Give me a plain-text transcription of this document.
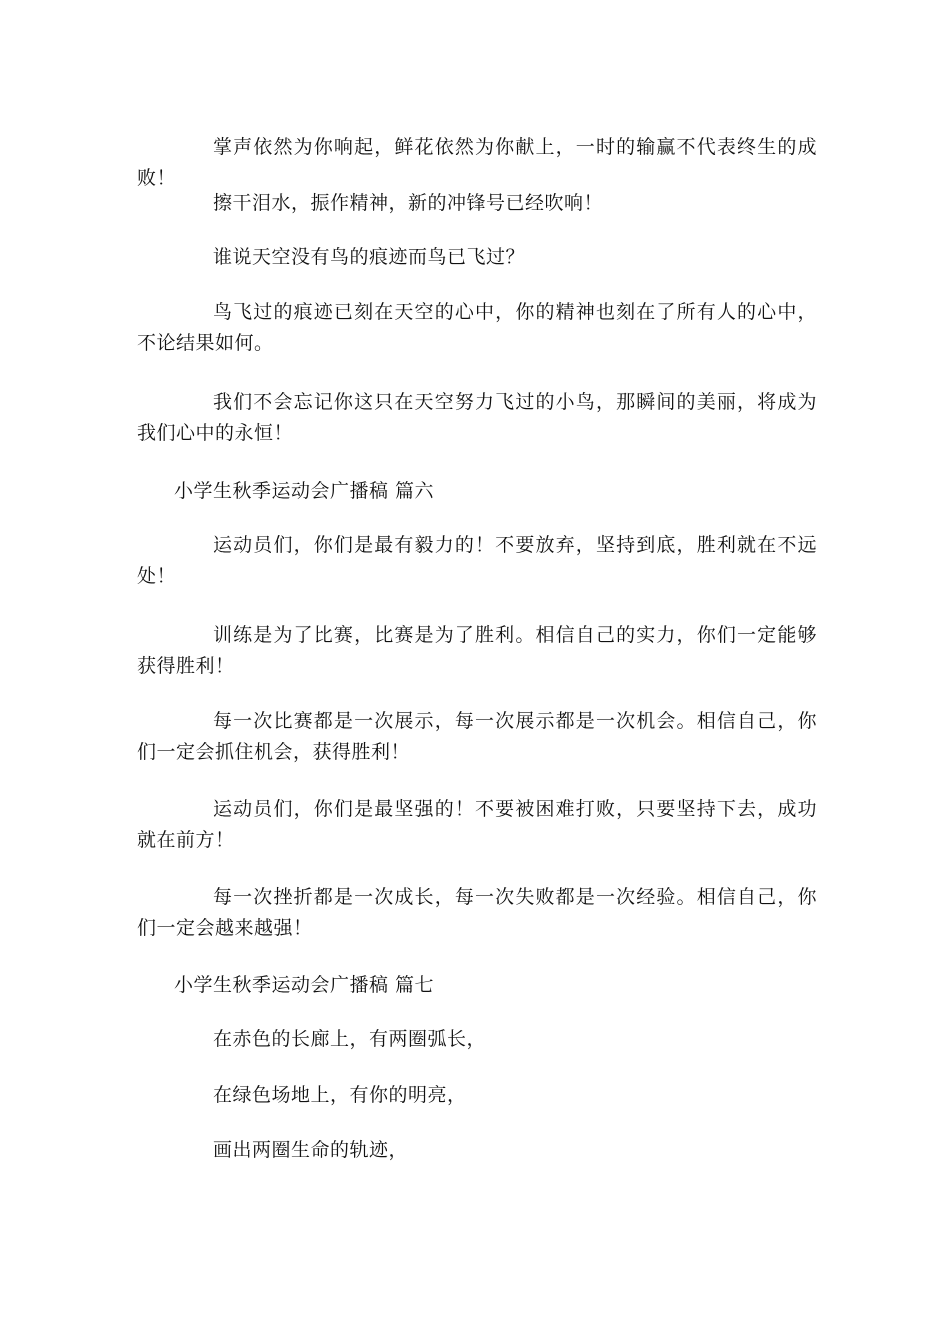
掌声依然为你响起，鲜花依然为你献上，一时的输赢不代表终生的成败！

擦干泪水，振作精神，新的冲锋号已经吹响！

谁说天空没有鸟的痕迹而鸟已飞过？

鸟飞过的痕迹已刻在天空的心中，你的精神也刻在了所有人的心中，不论结果如何。

我们不会忘记你这只在天空努力飞过的小鸟，那瞬间的美丽，将成为我们心中的永恒！

小学生秋季运动会广播稿 篇六

运动员们，你们是最有毅力的！不要放弃，坚持到底，胜利就在不远处！

训练是为了比赛，比赛是为了胜利。相信自己的实力，你们一定能够获得胜利！

每一次比赛都是一次展示，每一次展示都是一次机会。相信自己，你们一定会抓住机会，获得胜利！

运动员们，你们是最坚强的！不要被困难打败，只要坚持下去，成功就在前方！

每一次挫折都是一次成长，每一次失败都是一次经验。相信自己，你们一定会越来越强！

小学生秋季运动会广播稿 篇七

在赤色的长廊上，有两圈弧长，

在绿色场地上，有你的明亮，

画出两圈生命的轨迹，
